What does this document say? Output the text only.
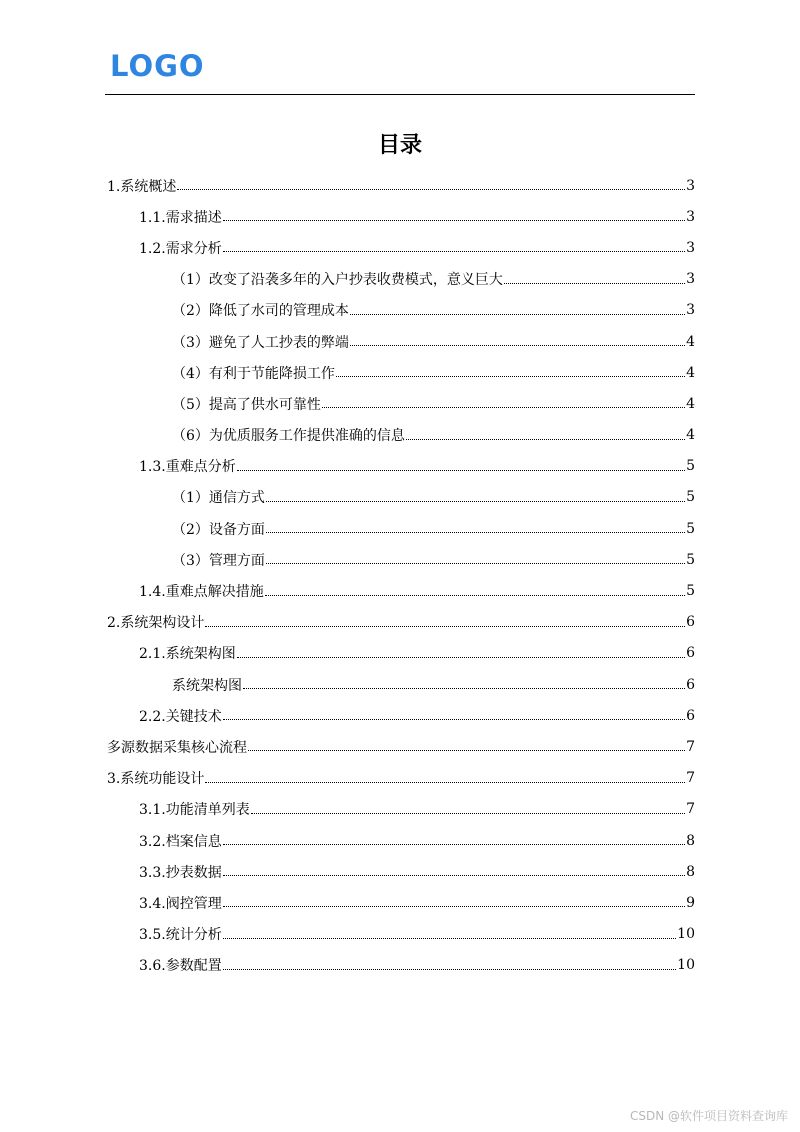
LOGO
目录
1.系统概述	3
1.1.需求描述	3
1.2.需求分析	3
（1）改变了沿袭多年的入户抄表收费模式，意义巨大	3
（2）降低了水司的管理成本	3
（3）避免了人工抄表的弊端	4
（4）有利于节能降损工作	4
（5）提高了供水可靠性	4
（6）为优质服务工作提供准确的信息	4
1.3.重难点分析	5
（1）通信方式	5
（2）设备方面	5
（3）管理方面	5
1.4.重难点解决措施	5
2.系统架构设计	6
2.1.系统架构图	6
系统架构图	6
2.2.关键技术	6
多源数据采集核心流程	7
3.系统功能设计	7
3.1.功能清单列表	7
3.2.档案信息	8
3.3.抄表数据	8
3.4.阀控管理	9
3.5.统计分析	10
3.6.参数配置	10
CSDN @软件项目资料查询库
